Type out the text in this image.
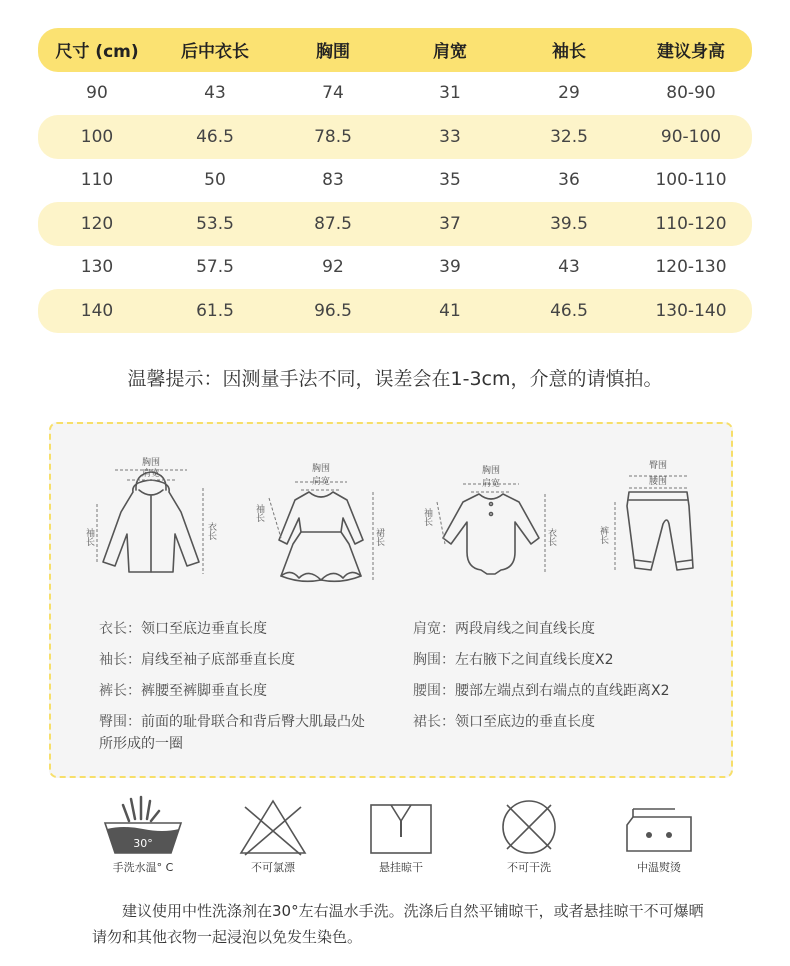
尺寸 (cm)	后中衣长	胸围	肩宽	袖长	建议身高
90	43	74	31	29	80-90
100	46.5	78.5	33	32.5	90-100
110	50	83	35	36	100-110
120	53.5	87.5	37	39.5	110-120
130	57.5	92	39	43	120-130
140	61.5	96.5	41	46.5	130-140
温馨提示：因测量手法不同，误差会在1-3cm，介意的请慎拍。
胸围
肩宽
衣长
袖长
胸围
肩宽
裙长
袖长
胸围
肩宽
衣长
袖长
臀围
腰围
裤长
衣长：领口至底边垂直长度
袖长：肩线至袖子底部垂直长度
裤长：裤腰至裤脚垂直长度
臀围：前面的耻骨联合和背后臀大肌最凸处
所形成的一圈
肩宽：两段肩线之间直线长度
胸围：左右腋下之间直线长度X2
腰围：腰部左端点到右端点的直线距离X2
裙长：领口至底边的垂直长度
30°
手洗水温° C	不可氯漂	悬挂晾干	不可干洗	中温熨烫
建议使用中性洗涤剂在30°左右温水手洗。洗涤后自然平铺晾干，或者悬挂晾干不可爆晒请勿和其他衣物一起浸泡以免发生染色。
